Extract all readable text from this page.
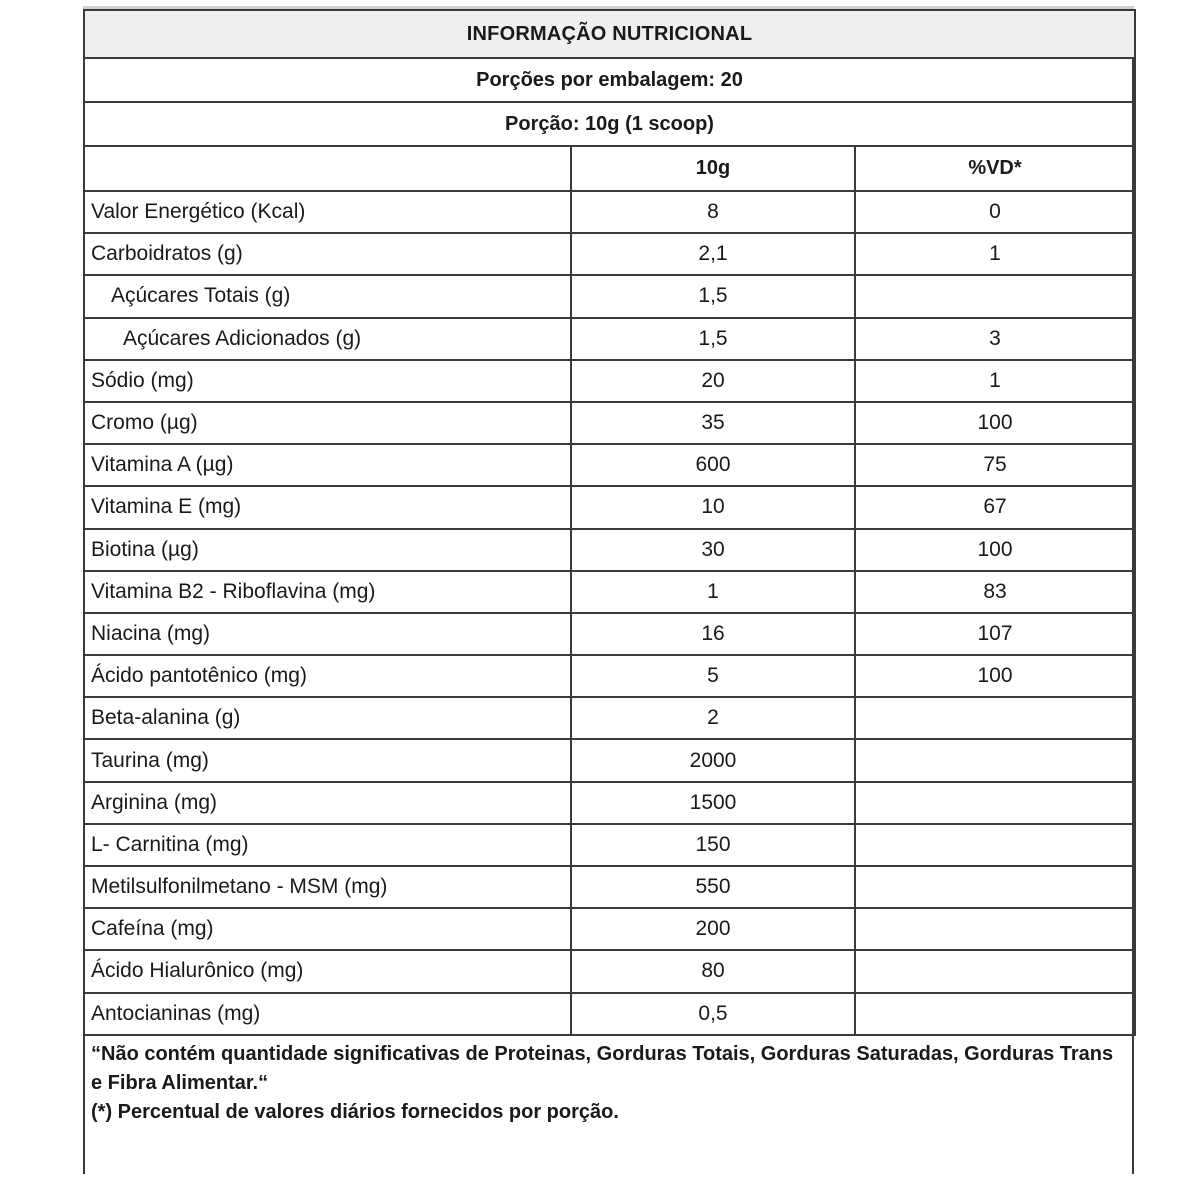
INFORMAÇÃO NUTRICIONAL		
Porções por embalagem: 20		
Porção: 10g (1 scoop)		
	10g	%VD*
Valor Energético (Kcal)	8	0
Carboidratos (g)	2,1	1
Açúcares Totais (g)	1,5	
Açúcares Adicionados (g)	1,5	3
Sódio (mg)	20	1
Cromo (µg)	35	100
Vitamina A (µg)	600	75
Vitamina E (mg)	10	67
Biotina (µg)	30	100
Vitamina B2 - Riboflavina (mg)	1	83
Niacina (mg)	16	107
Ácido pantotênico (mg)	5	100
Beta-alanina (g)	2	
Taurina (mg)	2000	
Arginina (mg)	1500	
L- Carnitina (mg)	150	
Metilsulfonilmetano - MSM (mg)	550	
Cafeína (mg)	200	
Ácido Hialurônico (mg)	80	
Antocianinas (mg)	0,5	

“Não contém quantidade significativas de Proteinas, Gorduras Totais, Gorduras Saturadas, Gorduras Trans e Fibra Alimentar.“

(*) Percentual de valores diários fornecidos por porção.
